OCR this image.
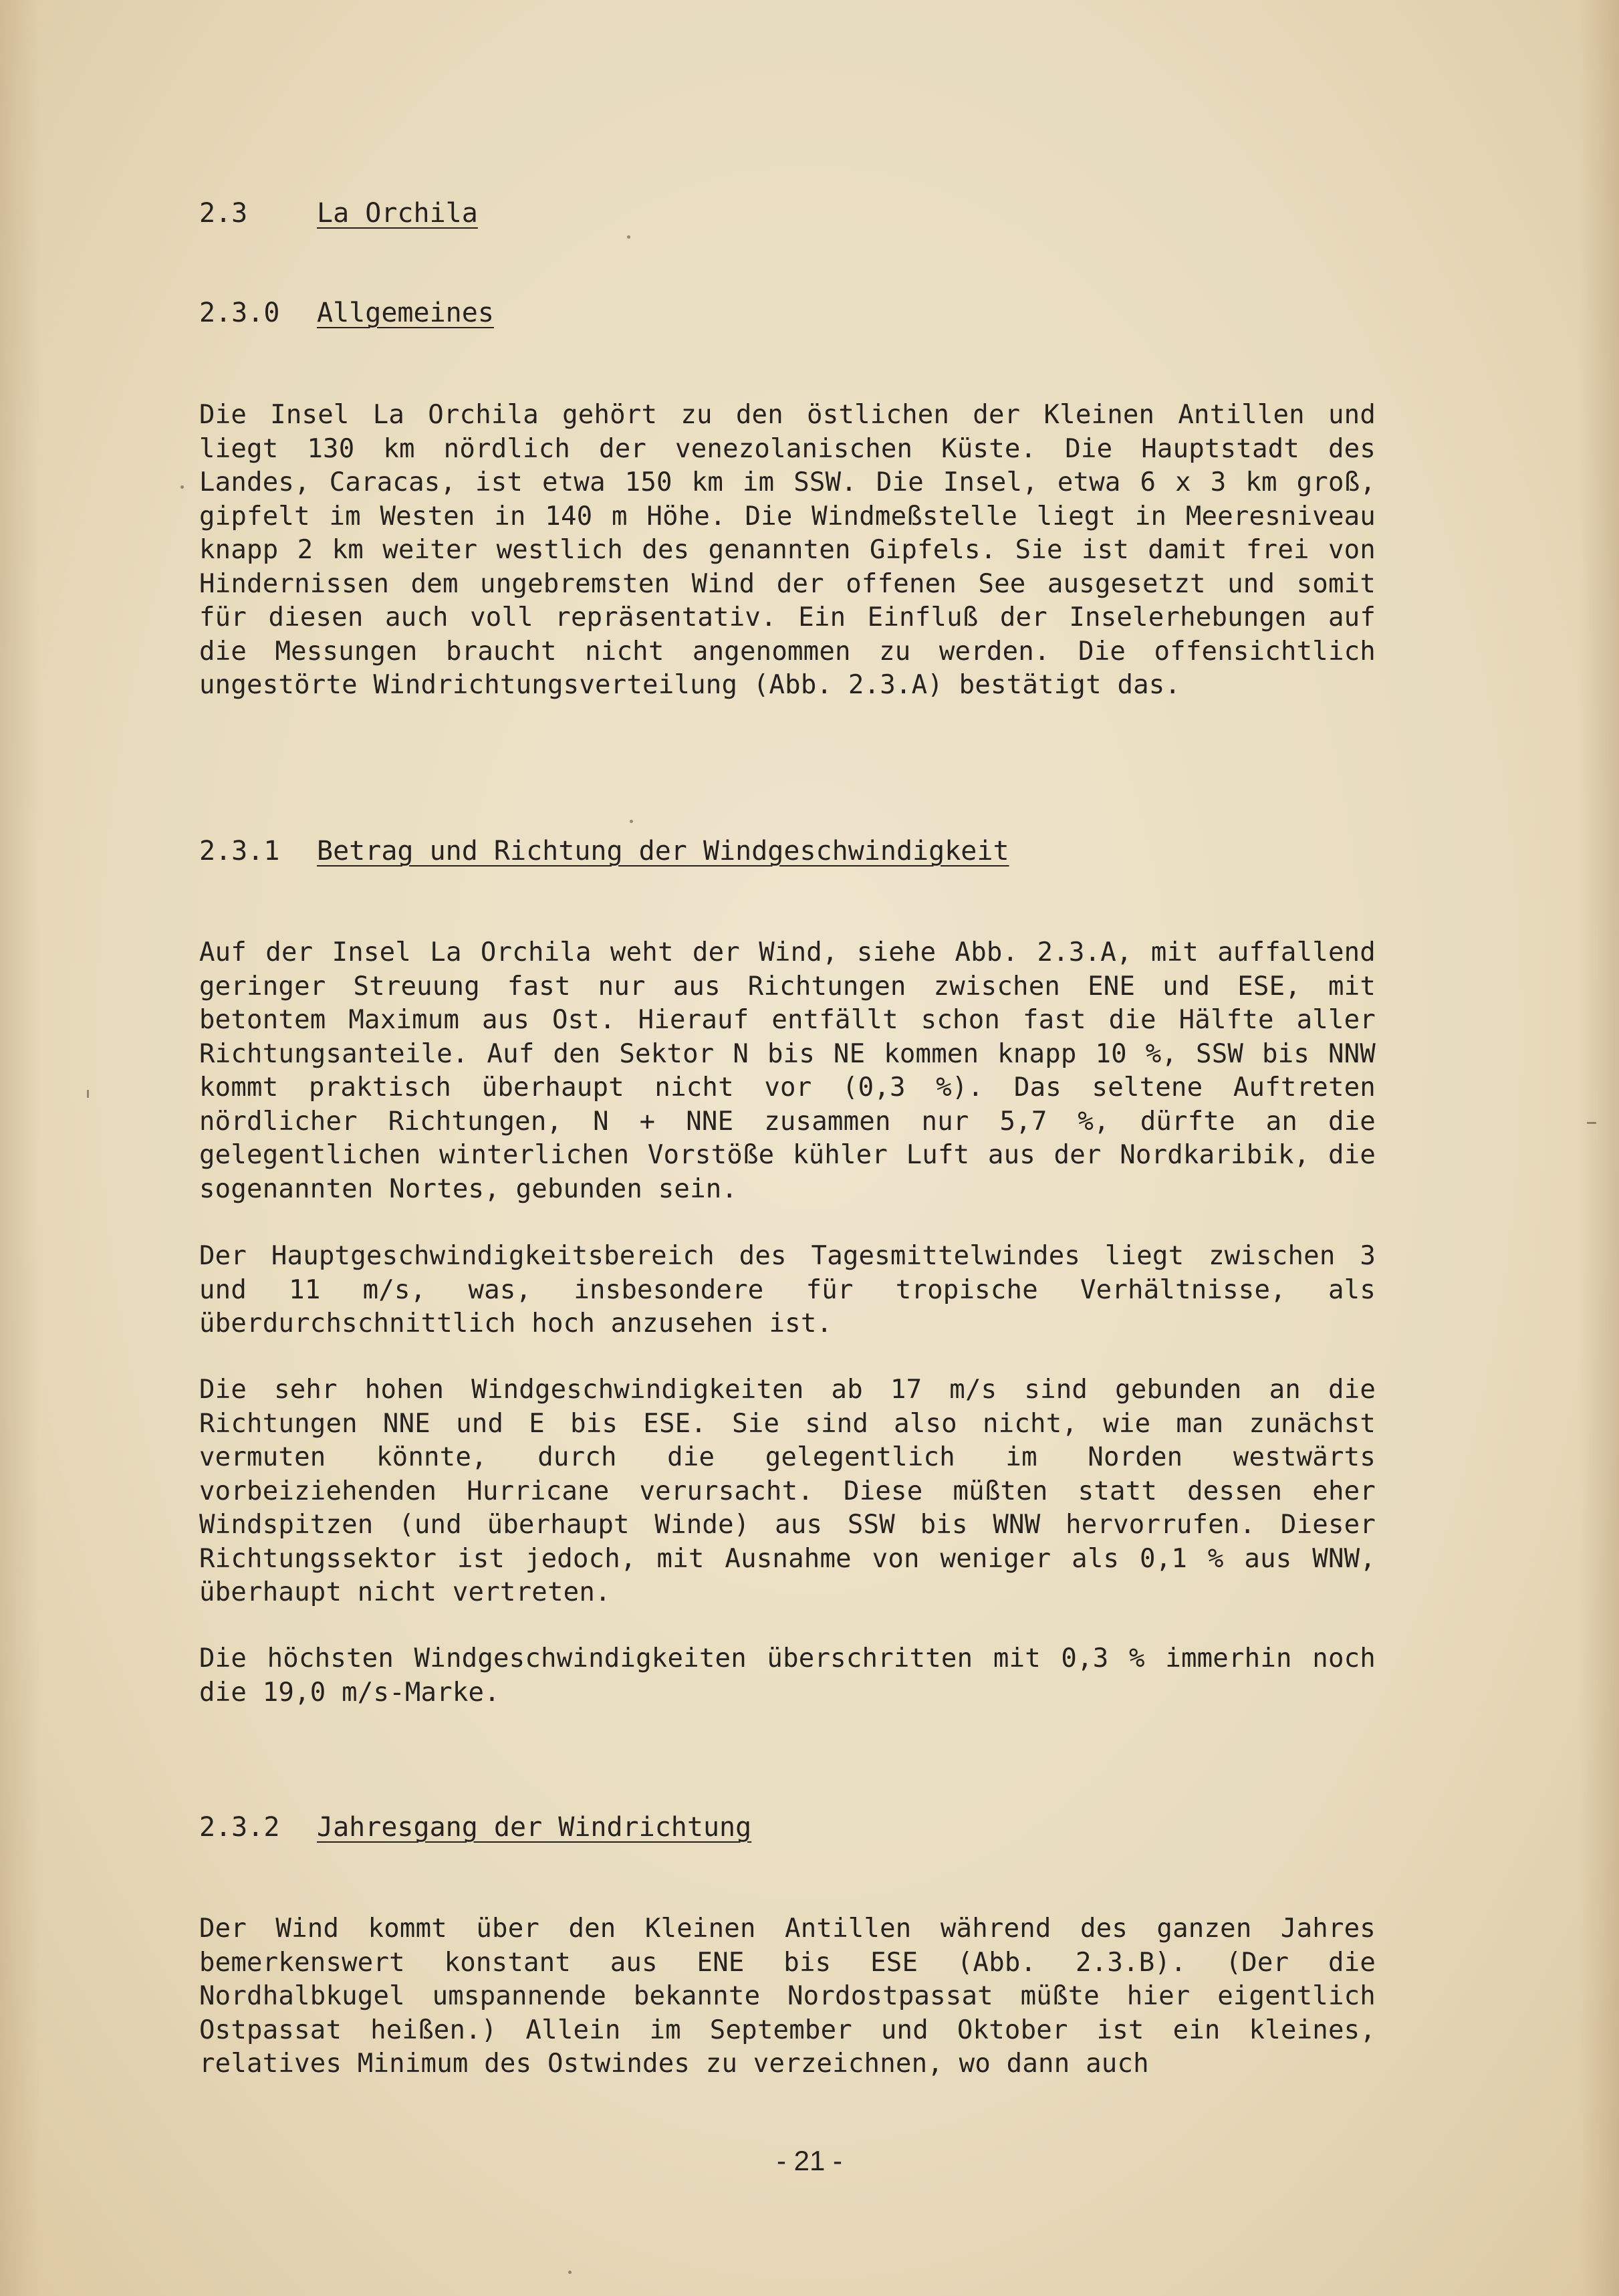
2.3	La Orchila
2.3.0 Allgemeines

Die Insel La Orchila gehört zu den östlichen der Kleinen Antillen und liegt 130 km nördlich der venezolanischen Küste. Die Hauptstadt des Landes, Caracas, ist etwa 150 km im SSW. Die Insel, etwa 6 x 3 km groß, gipfelt im Westen in 140 m Höhe. Die Windmeßstelle liegt in Meeresniveau knapp 2 km weiter westlich des genannten Gipfels. Sie ist damit frei von Hindernissen dem ungebremsten Wind der offenen See ausgesetzt und somit für diesen auch voll repräsentativ. Ein Einfluß der Inselerhebungen auf die Messungen braucht nicht angenommen zu werden. Die offensichtlich ungestörte Windrichtungsverteilung (Abb. 2.3.A) bestätigt das.

2.3.1 Betrag und Richtung der Windgeschwindigkeit

Auf der Insel La Orchila weht der Wind, siehe Abb. 2.3.A, mit auffallend geringer Streuung fast nur aus Richtungen zwischen ENE und ESE, mit betontem Maximum aus Ost. Hierauf entfällt schon fast die Hälfte aller Richtungsanteile. Auf den Sektor N bis NE kommen knapp 10 %, SSW bis NNW kommt praktisch überhaupt nicht vor (0,3 %). Das seltene Auftreten nördlicher Richtungen, N + NNE zusammen nur 5,7 %, dürfte an die gelegentlichen winterlichen Vorstöße kühler Luft aus der Nordkaribik, die sogenannten Nortes, gebunden sein.

Der Hauptgeschwindigkeitsbereich des Tagesmittelwindes liegt zwischen 3 und 11 m/s, was, insbesondere für tropische Verhältnisse, als überdurchschnittlich hoch anzusehen ist.

Die sehr hohen Windgeschwindigkeiten ab 17 m/s sind gebunden an die Richtungen NNE und E bis ESE. Sie sind also nicht, wie man zunächst vermuten könnte, durch die gelegentlich im Norden westwärts vorbeiziehenden Hurricane verursacht. Diese müßten statt dessen eher Windspitzen (und überhaupt Winde) aus SSW bis WNW hervorrufen. Dieser Richtungssektor ist jedoch, mit Ausnahme von weniger als 0,1 % aus WNW, überhaupt nicht vertreten.

Die höchsten Windgeschwindigkeiten überschritten mit 0,3 % immerhin noch die 19,0 m/s-Marke.

2.3.2 Jahresgang der Windrichtung

Der Wind kommt über den Kleinen Antillen während des ganzen Jahres bemerkenswert konstant aus ENE bis ESE (Abb. 2.3.B). (Der die Nordhalbkugel umspannende bekannte Nordostpassat müßte hier eigentlich Ostpassat heißen.) Allein im September und Oktober ist ein kleines, relatives Minimum des Ostwindes zu verzeichnen, wo dann auch

- 21 -
